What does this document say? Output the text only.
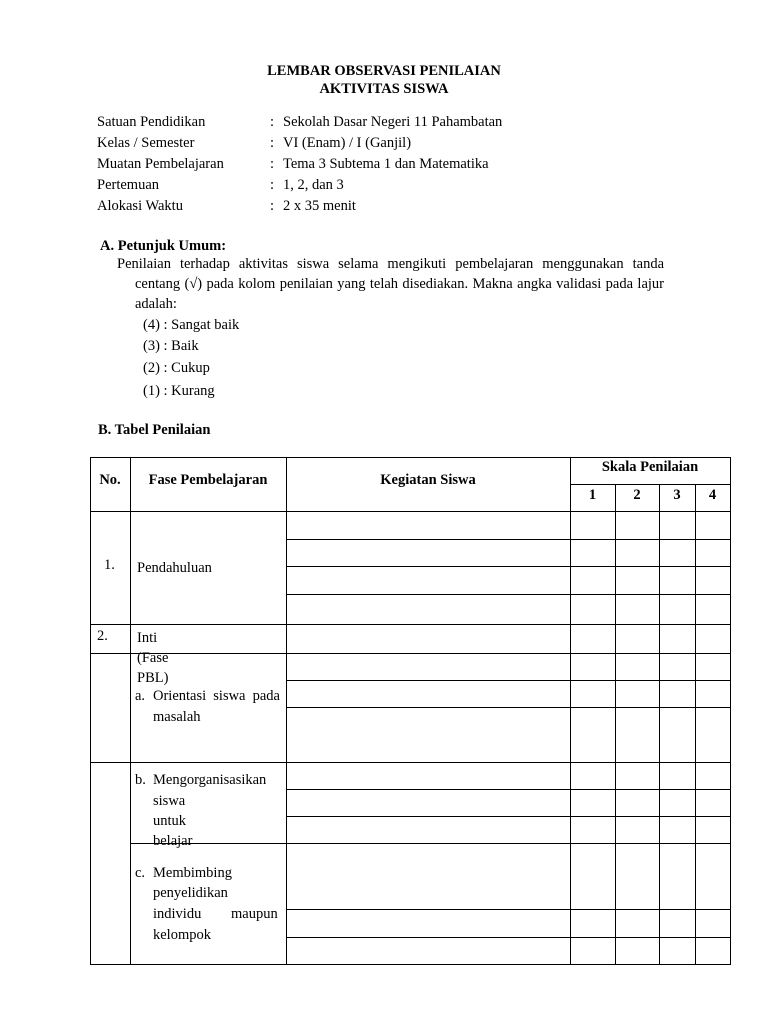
LEMBAR OBSERVASI PENILAIAN
AKTIVITAS SISWA
Satuan Pendidikan	: Sekolah Dasar Negeri 11 Pahambatan
Kelas / Semester	: VI (Enam) / I (Ganjil)
Muatan Pembelajaran	: Tema 3 Subtema 1 dan Matematika
Pertemuan	: 1, 2, dan 3
Alokasi Waktu	: 2 x 35 menit
A. Petunjuk Umum:
Penilaian terhadap aktivitas siswa selama mengikuti pembelajaran menggunakan tanda
centang (√) pada kolom penilaian yang telah disediakan. Makna angka validasi pada lajur
adalah:
(4) : Sangat baik
(3) : Baik
(2) : Cukup
(1) : Kurang
B. Tabel Penilaian
No.	Fase Pembelajaran	Kegiatan Siswa
Skala Penilaian
1	2	3	4
1. Pendahuluan
2. Inti (Fase PBL)
a. Orientasi siswa pada
masalah
b. Mengorganisasikan
siswa untuk belajar
c. Membimbing
penyelidikan
individu maupun
kelompok
